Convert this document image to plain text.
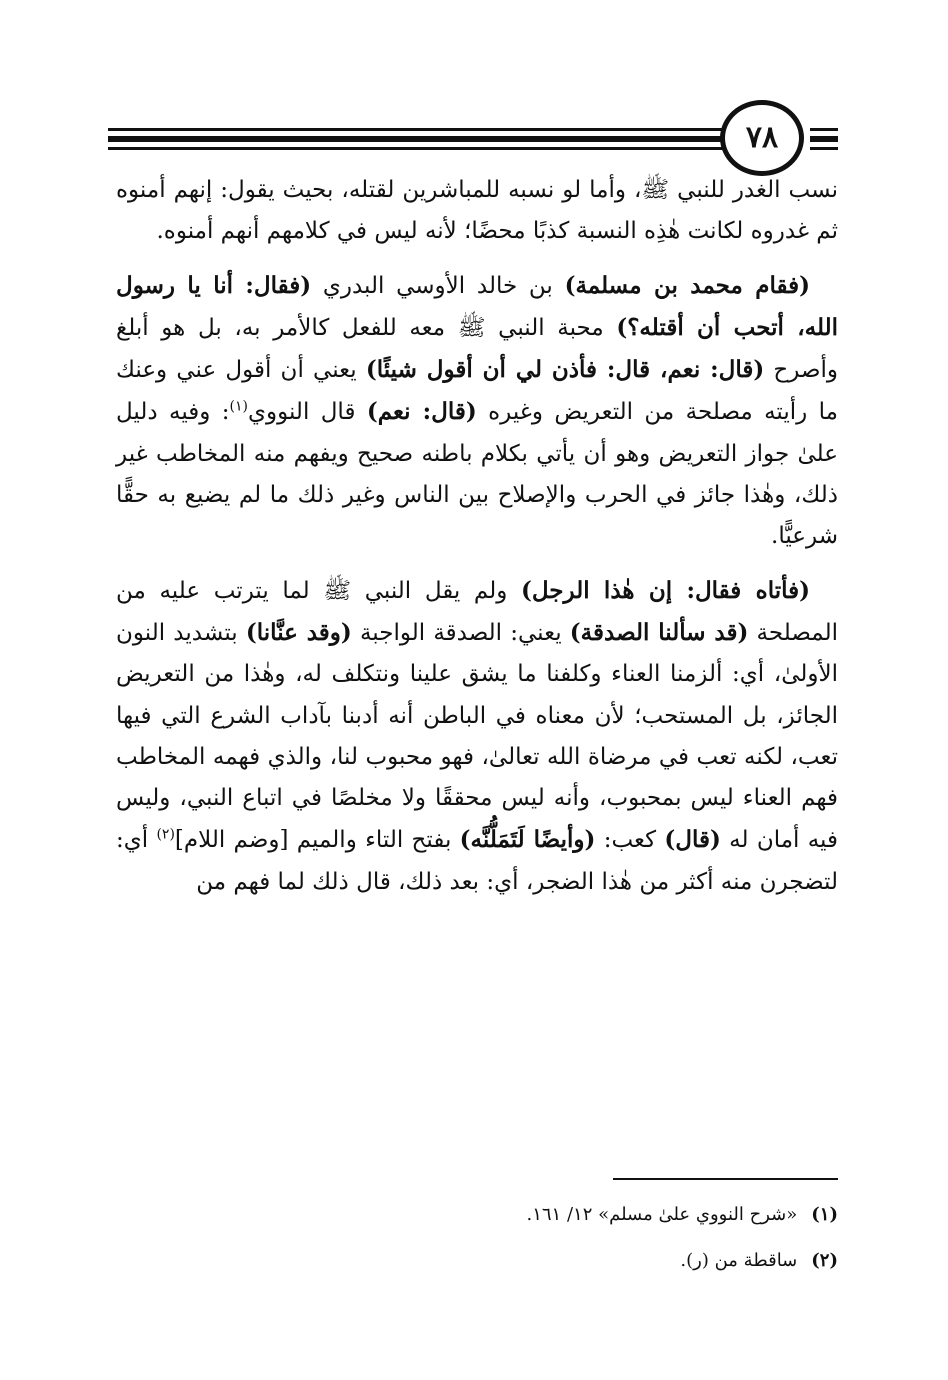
٧٨

نسب الغدر للنبي ﷺ، وأما لو نسبه للمباشرين لقتله، بحيث يقول: إنهم أمنوه ثم غدروه لكانت هٰذِه النسبة كذبًا محضًا؛ لأنه ليس في كلامهم أنهم أمنوه.

(فقام محمد بن مسلمة) بن خالد الأوسي البدري (فقال: أنا يا رسول الله، أتحب أن أقتله؟) محبة النبي ﷺ معه للفعل كالأمر به، بل هو أبلغ وأصرح (قال: نعم، قال: فأذن لي أن أقول شيئًا) يعني أن أقول عني وعنك ما رأيته مصلحة من التعريض وغيره (قال: نعم) قال النووي$^{(١)}$: وفيه دليل علىٰ جواز التعريض وهو أن يأتي بكلام باطنه صحيح ويفهم منه المخاطب غير ذلك، وهٰذا جائز في الحرب والإصلاح بين الناس وغير ذلك ما لم يضيع به حقًّا شرعيًّا.

(فأتاه فقال: إن هٰذا الرجل) ولم يقل النبي ﷺ لما يترتب عليه من المصلحة (قد سألنا الصدقة) يعني: الصدقة الواجبة (وقد عنَّانا) بتشديد النون الأولىٰ، أي: ألزمنا العناء وكلفنا ما يشق علينا ونتكلف له، وهٰذا من التعريض الجائز، بل المستحب؛ لأن معناه في الباطن أنه أدبنا بآداب الشرع التي فيها تعب، لكنه تعب في مرضاة الله تعالىٰ، فهو محبوب لنا، والذي فهمه المخاطب فهم العناء ليس بمحبوب، وأنه ليس محققًا ولا مخلصًا في اتباع النبي، وليس فيه أمان له (قال) كعب: (وأيضًا لَتَمَلُّنَّه) بفتح التاء والميم [وضم اللام]$^{(٢)}$ أي: لتضجرن منه أكثر من هٰذا الضجر، أي: بعد ذلك، قال ذلك لما فهم من

(١)«شرح النووي علىٰ مسلم» ١٢/ ١٦١.

(٢)ساقطة من (ر).
